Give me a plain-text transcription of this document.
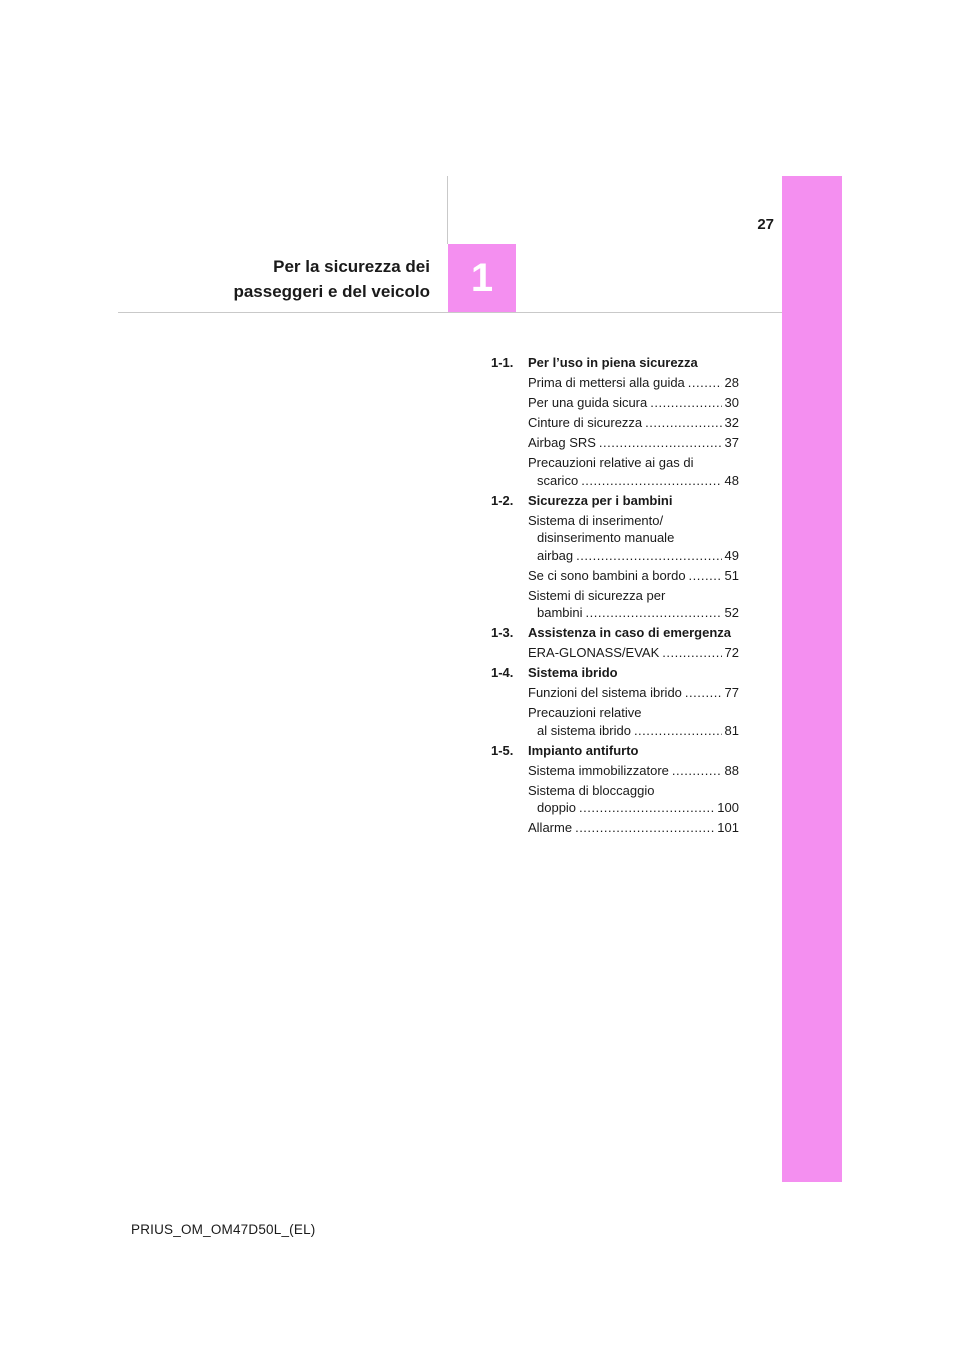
Per la sicurezza dei
passeggeri e del veicolo	1
27
1-1.	Per l’uso in piena sicurezza
Prima di mettersi alla guida .....	28
Per una guida sicura .....	30
Cinture di sicurezza .....	32
Airbag SRS .....	37
Precauzioni relative ai gas di
scarico .....	48
1-2.	Sicurezza per i bambini
Sistema di inserimento/
disinserimento manuale
airbag .....	49
Se ci sono bambini a bordo .....	51
Sistemi di sicurezza per
bambini .....	52
1-3.	Assistenza in caso di emergenza
ERA-GLONASS/EVAK .....	72
1-4.	Sistema ibrido
Funzioni del sistema ibrido .....	77
Precauzioni relative
al sistema ibrido .....	81
1-5.	Impianto antifurto
Sistema immobilizzatore .....	88
Sistema di bloccaggio
doppio .....	100
Allarme .....	101
PRIUS_OM_OM47D50L_(EL)
